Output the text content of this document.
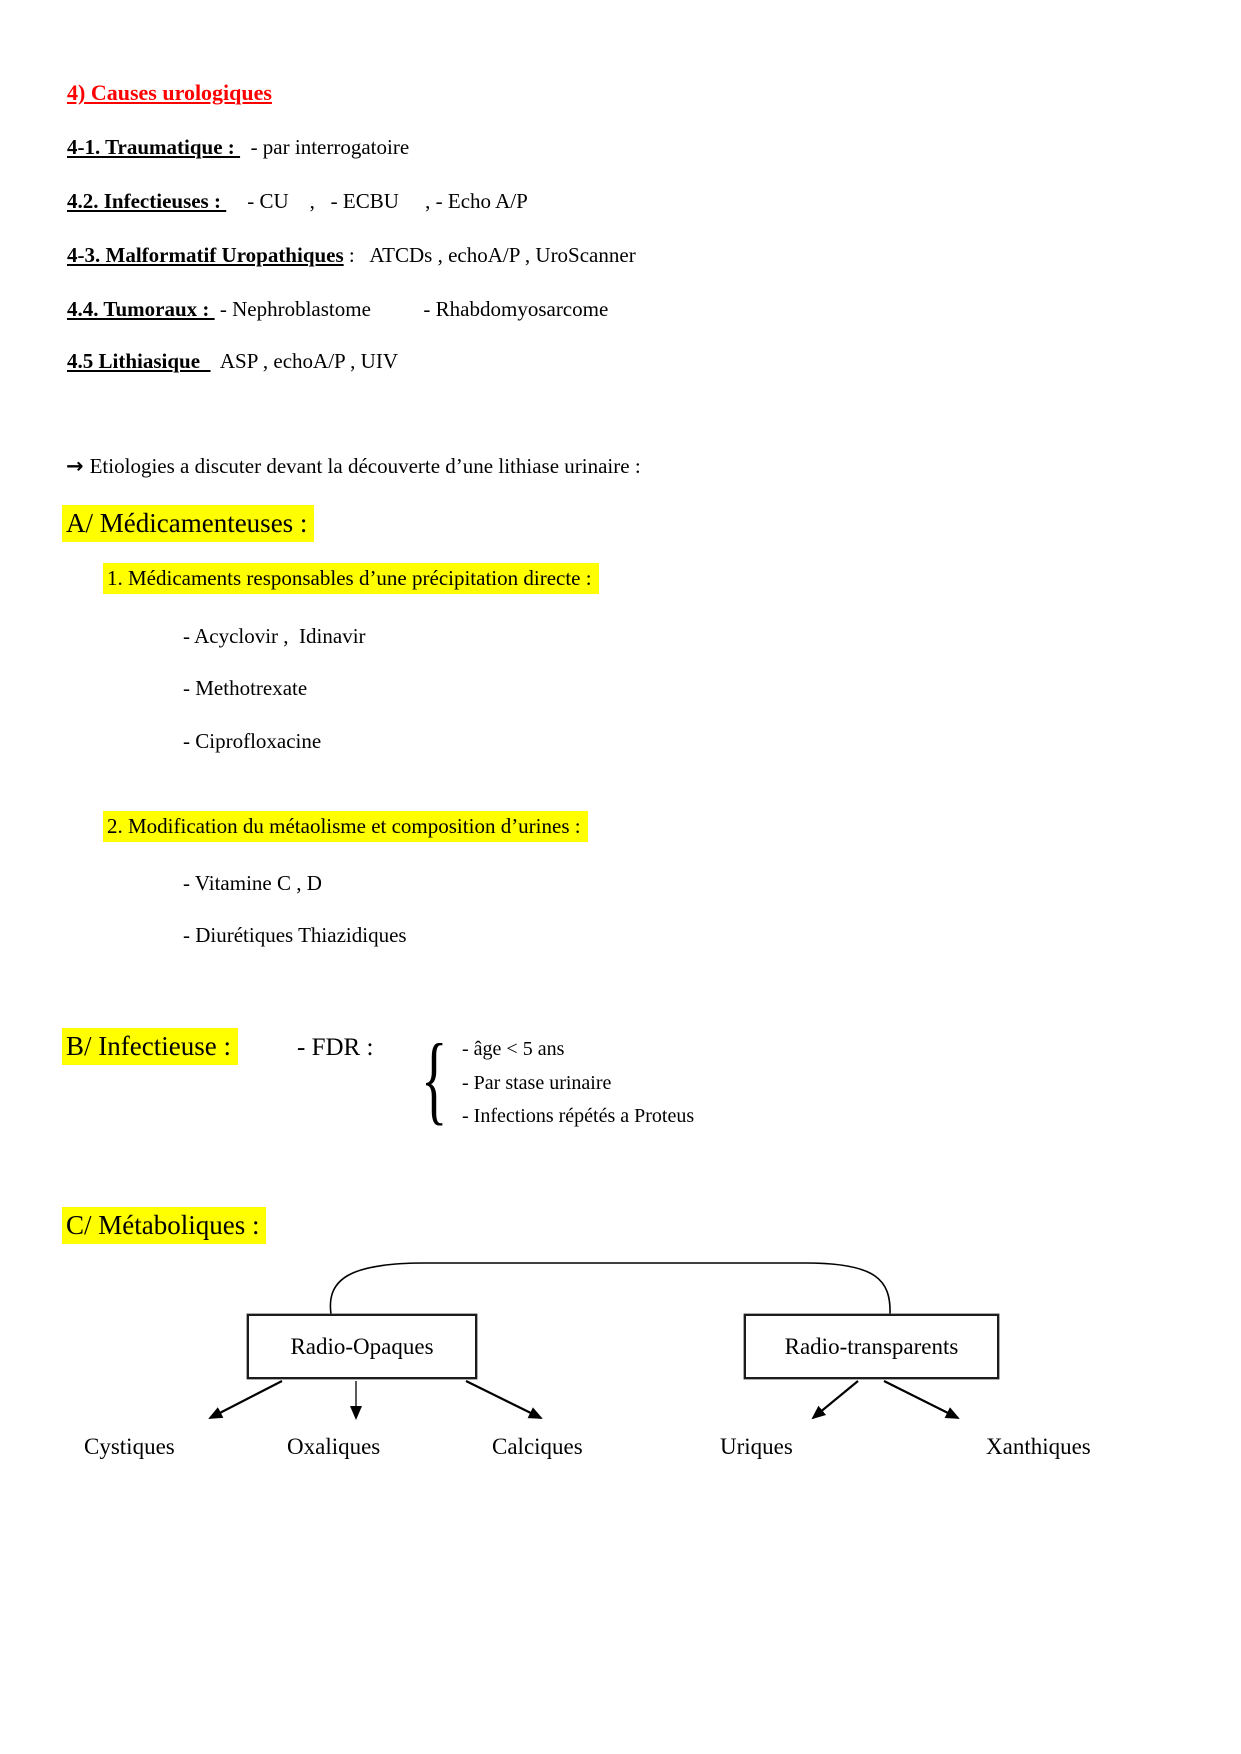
4) Causes urologiques
4-1. Traumatique :   - par interrogatoire
4.2. Infectieuses :     - CU    ,   - ECBU     , - Echo A/P
4-3. Malformatif Uropathiques :   ATCDs , echoA/P , UroScanner
4.4. Tumoraux :  - Nephroblastome          - Rhabdomyosarcome
4.5 Lithiasique    ASP , echoA/P , UIV
→ Etiologies a discuter devant la découverte d’une lithiase urinaire :
A/ Médicamenteuses :
1. Médicaments responsables d’une précipitation directe :
- Acyclovir ,  Idinavir
- Methotrexate
- Ciprofloxacine
2. Modification du métaolisme et composition d’urines :
- Vitamine C , D
- Diurétiques Thiazidiques
B/ Infectieuse :	- FDR : { - âge < 5 ans
- Par stase urinaire
- Infections répétés a Proteus
C/ Métaboliques :
Radio-Opaques	Radio-transparents
Cystiques	Oxaliques	Calciques	Uriques	Xanthiques
